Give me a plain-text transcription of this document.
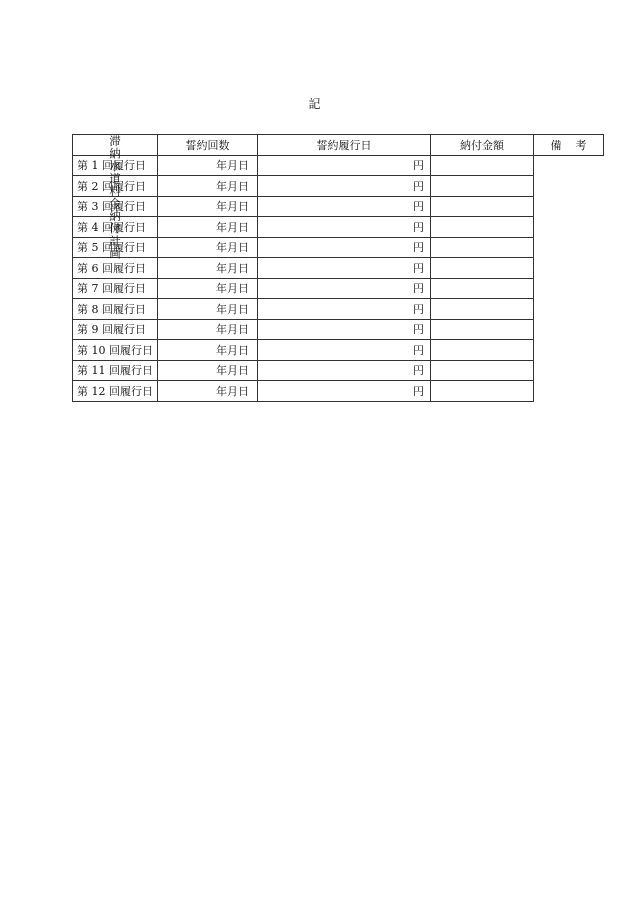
記
滞納水道料金納付計画	誓約回数	誓約履行日	納付金額	備考
第 1 回履行日	年 月 日	円		
第 2 回履行日	年 月 日	円		
第 3 回履行日	年 月 日	円		
第 4 回履行日	年 月 日	円		
第 5 回履行日	年 月 日	円		
第 6 回履行日	年 月 日	円		
第 7 回履行日	年 月 日	円		
第 8 回履行日	年 月 日	円		
第 9 回履行日	年 月 日	円		
第 10 回履行日	年 月 日	円		
第 11 回履行日	年 月 日	円		
第 12 回履行日	年 月 日	円		
